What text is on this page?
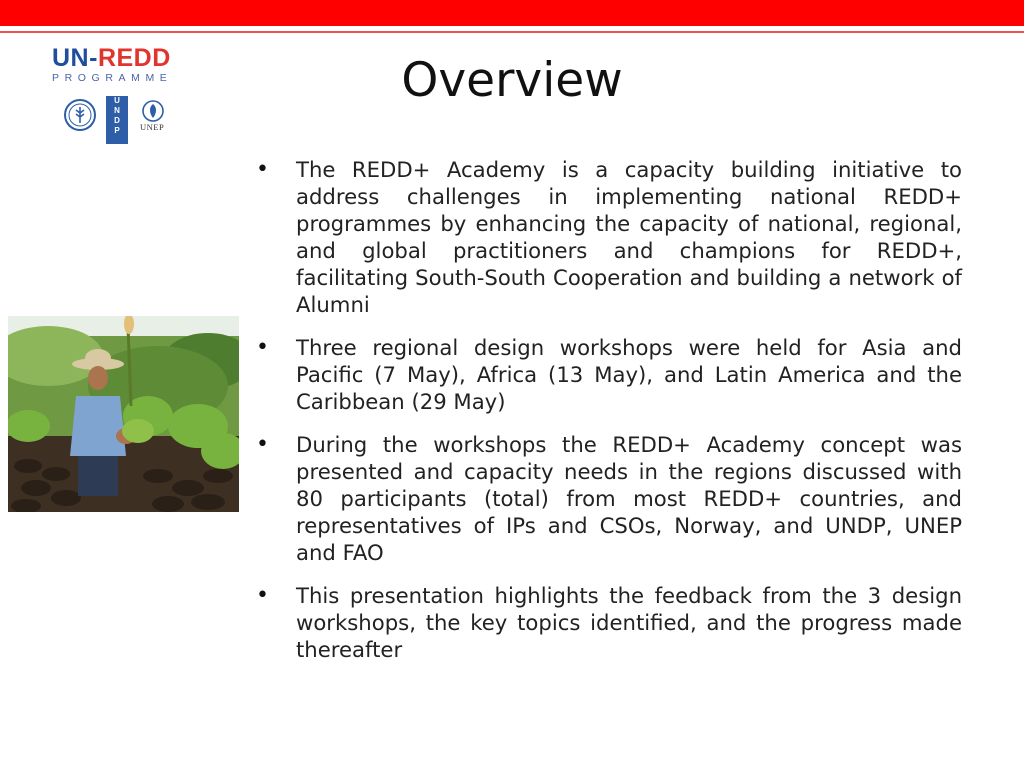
UN-REDD
PROGRAMME
U
N
D
P	UNEP
Overview
• The REDD+ Academy is a capacity building initiative to address challenges in implementing national REDD+ programmes by enhancing the capacity of national, regional, and global practitioners and champions for REDD+, facilitating South-South Cooperation and building a network of Alumni
• Three regional design workshops were held for Asia and Pacific (7 May), Africa (13 May), and Latin America and the Caribbean (29 May)
• During the workshops the REDD+ Academy concept was presented and capacity needs in the regions discussed with 80 participants (total) from most REDD+ countries, and representatives of IPs and CSOs, Norway, and UNDP, UNEP and FAO
• This presentation highlights the feedback from the 3 design workshops, the key topics identified, and the progress made thereafter
